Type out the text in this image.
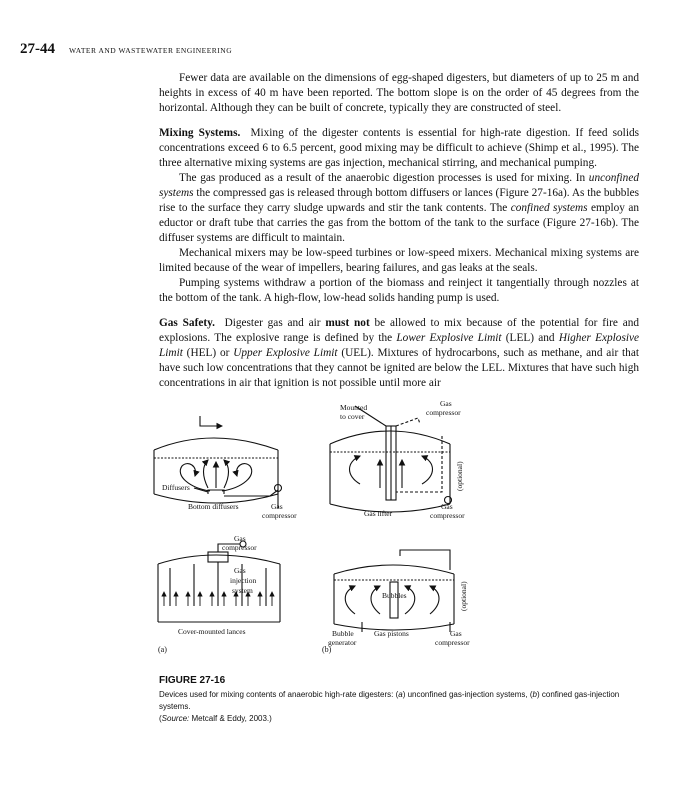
27-44 WATER AND WASTEWATER ENGINEERING

Fewer data are available on the dimensions of egg-shaped digesters, but diameters of up to 25 m and heights in excess of 40 m have been reported. The bottom slope is on the order of 45 degrees from the horizontal. Although they can be built of concrete, typically they are constructed of steel.

Mixing Systems. Mixing of the digester contents is essential for high-rate digestion. If feed solids concentrations exceed 6 to 6.5 percent, good mixing may be difficult to achieve (Shimp et al., 1995). The three alternative mixing systems are gas injection, mechanical stirring, and mechanical pumping.

The gas produced as a result of the anaerobic digestion processes is used for mixing. In unconfined systems the compressed gas is released through bottom diffusers or lances (Figure 27-16a). As the bubbles rise to the surface they carry sludge upwards and stir the tank contents. The confined systems employ an eductor or draft tube that carries the gas from the bottom of the tank to the surface (Figure 27-16b). The diffuser systems are difficult to maintain.

Mechanical mixers may be low-speed turbines or low-speed mixers. Mechanical mixing systems are limited because of the wear of impellers, bearing failures, and gas leaks at the seals.

Pumping systems withdraw a portion of the biomass and reinject it tangentially through nozzles at the bottom of the tank. A high-flow, low-head solids handing pump is used.

Gas Safety. Digester gas and air must not be allowed to mix because of the potential for fire and explosions. The explosive range is defined by the Lower Explosive Limit (LEL) and Higher Explosive Limit (HEL) or Upper Explosive Limit (UEL). Mixtures of hydrocarbons, such as methane, and air that have such low concentrations that they cannot be ignited are below the LEL. Mixtures that have such high concentrations in air that ignition is not possible until more air

Mounted
to cover
Gas
compressor
Diffusers	(optional)
Bottom diffusers	Gas
compressor	Gas lifter
Gas
compressor
Gas
compressor
Gas
injection
system
Bubbles	(optional)
Cover-mounted lances	Bubble
generator
Gas pistons	Gas
compressor
(a)	(b)
FIGURE 27-16

Devices used for mixing contents of anaerobic high-rate digesters: (a) unconfined gas-injection systems, (b) confined gas-injection systems.

(Source: Metcalf & Eddy, 2003.)
